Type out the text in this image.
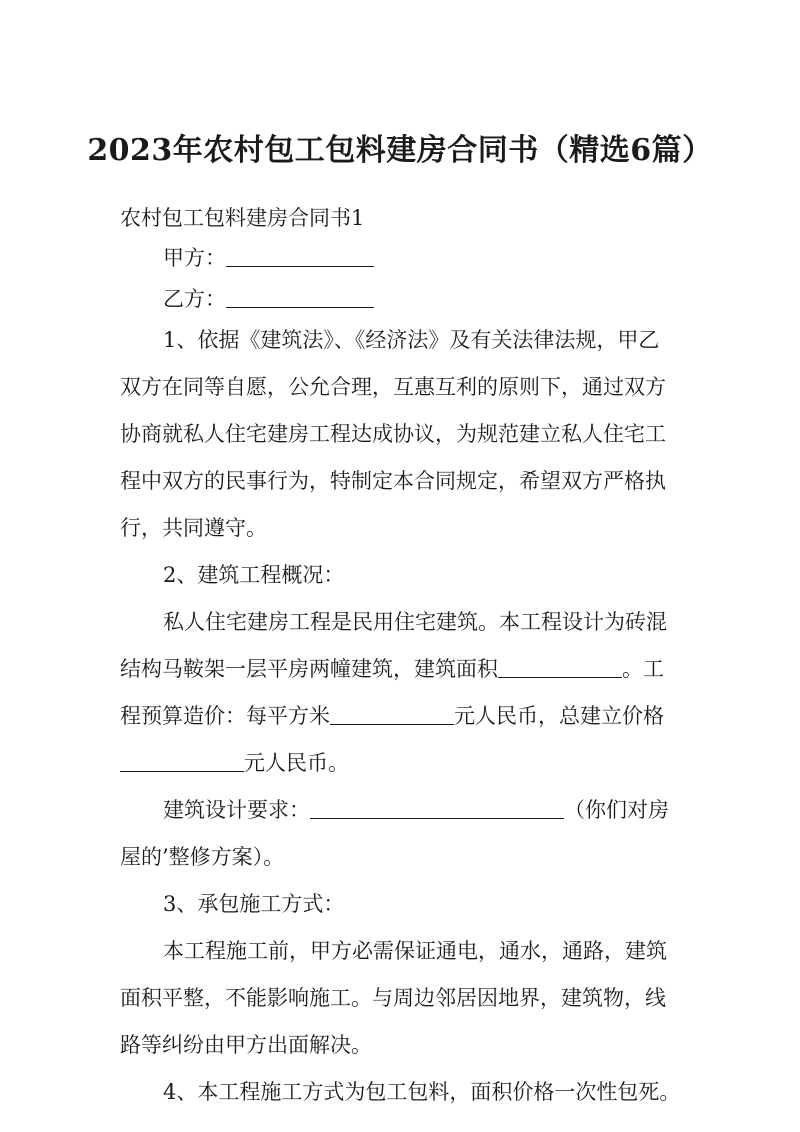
2023年农村包工包料建房合同书（精选6篇）
农村包工包料建房合同书1
甲方：
乙方：
1、依据《建筑法》、《经济法》及有关法律法规，甲乙
双方在同等自愿，公允合理，互惠互利的原则下，通过双方
协商就私人住宅建房工程达成协议，为规范建立私人住宅工
程中双方的民事行为，特制定本合同规定，希望双方严格执
行，共同遵守。
2、建筑工程概况：
私人住宅建房工程是民用住宅建筑。本工程设计为砖混
结构马鞍架一层平房两幢建筑，建筑面积	。工
程预算造价：每平方米	元人民币，总建立价格
元人民币。
建筑设计要求：	（你们对房
屋的’整修方案）。
3、承包施工方式：
本工程施工前，甲方必需保证通电，通水，通路，建筑
面积平整，不能影响施工。与周边邻居因地界，建筑物，线
路等纠纷由甲方出面解决。
4、本工程施工方式为包工包料，面积价格一次性包死。
